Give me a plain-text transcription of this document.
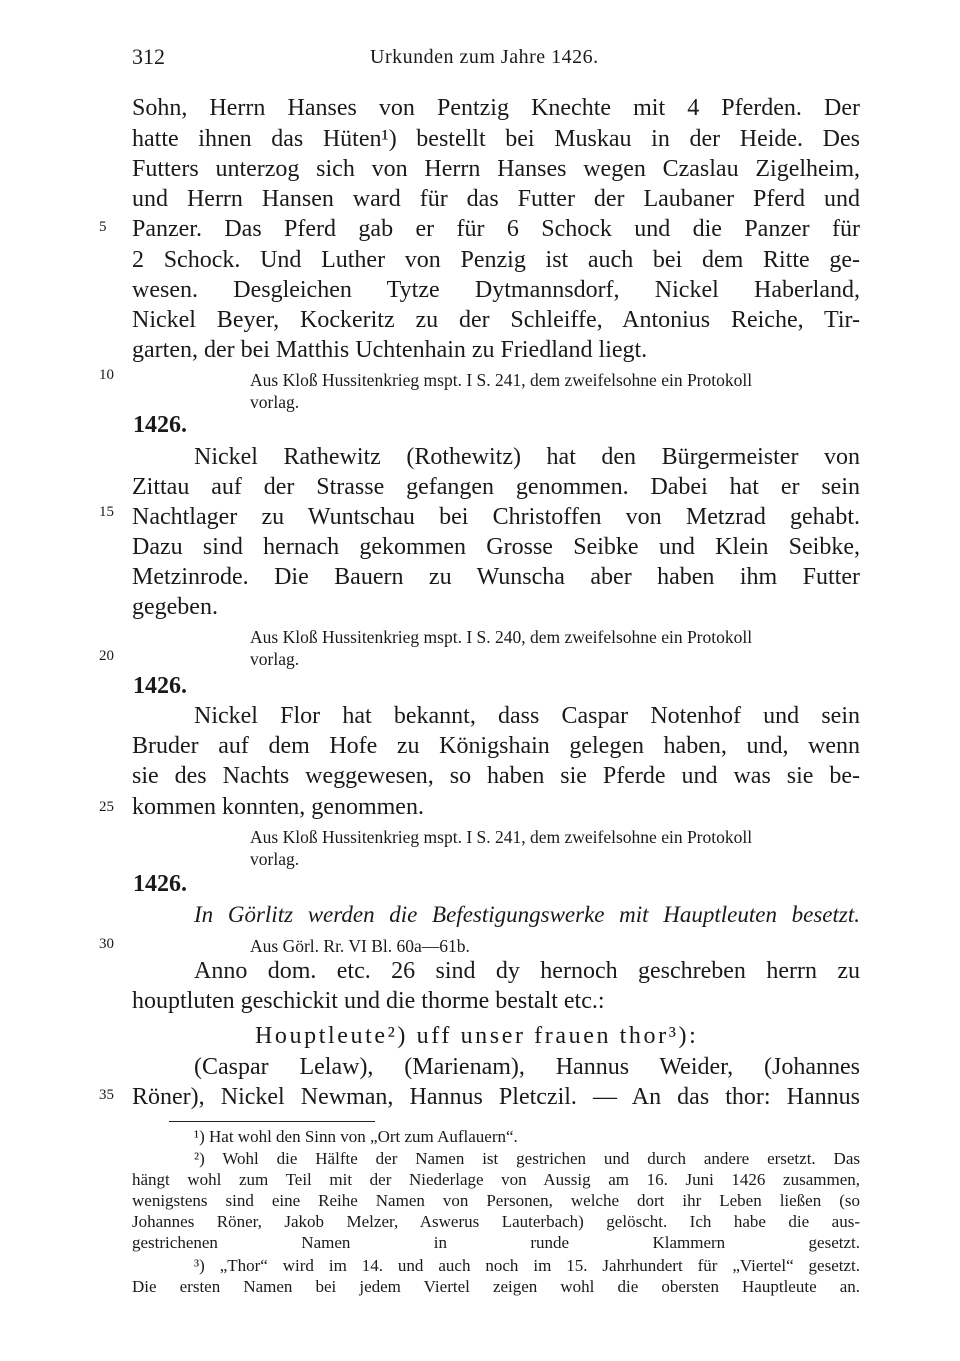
312	Urkunden zum Jahre 1426.
5
10
15
20
25
30
35
Sohn, Herrn Hanses von Pentzig Knechte mit 4 Pferden. Der
hatte ihnen das Hüten¹) bestellt bei Muskau in der Heide. Des
Futters unterzog sich von Herrn Hanses wegen Czaslau Zigelheim,
und Herrn Hansen ward für das Futter der Laubaner Pferd und
Panzer. Das Pferd gab er für 6 Schock und die Panzer für
2 Schock. Und Luther von Penzig ist auch bei dem Ritte ge-
wesen. Desgleichen Tytze Dytmannsdorf, Nickel Haberland,
Nickel Beyer, Kockeritz zu der Schleiffe, Antonius Reiche, Tir-
garten, der bei Matthis Uchtenhain zu Friedland liegt.
Aus Kloß Hussitenkrieg mspt. I S. 241, dem zweifelsohne ein Protokoll
vorlag.
1426.
Nickel Rathewitz (Rothewitz) hat den Bürgermeister von
Zittau auf der Strasse gefangen genommen. Dabei hat er sein
Nachtlager zu Wuntschau bei Christoffen von Metzrad gehabt.
Dazu sind hernach gekommen Grosse Seibke und Klein Seibke,
Metzinrode. Die Bauern zu Wunscha aber haben ihm Futter
gegeben.
Aus Kloß Hussitenkrieg mspt. I S. 240, dem zweifelsohne ein Protokoll
vorlag.
1426.
Nickel Flor hat bekannt, dass Caspar Notenhof und sein
Bruder auf dem Hofe zu Königshain gelegen haben, und, wenn
sie des Nachts weggewesen, so haben sie Pferde und was sie be-
kommen konnten, genommen.
Aus Kloß Hussitenkrieg mspt. I S. 241, dem zweifelsohne ein Protokoll
vorlag.
1426.
In Görlitz werden die Befestigungswerke mit Hauptleuten besetzt.
Aus Görl. Rr. VI Bl. 60a—61b.
Anno dom. etc. 26 sind dy hernoch geschreben herrn zu
houptluten geschickit und die thorme bestalt etc.:
Houptleute²) uff unser frauen thor³):
(Caspar Lelaw), (Marienam), Hannus Weider, (Johannes
Röner), Nickel Newman, Hannus Pletczil. — An das thor: Hannus
¹) Hat wohl den Sinn von „Ort zum Auflauern“.
²) Wohl die Hälfte der Namen ist gestrichen und durch andere ersetzt. Das
hängt wohl zum Teil mit der Niederlage von Aussig am 16. Juni 1426 zusammen,
wenigstens sind eine Reihe Namen von Personen, welche dort ihr Leben ließen (so
Johannes Röner, Jakob Melzer, Aswerus Lauterbach) gelöscht. Ich habe die aus-
gestrichenen Namen in runde Klammern gesetzt.
³) „Thor“ wird im 14. und auch noch im 15. Jahrhundert für „Viertel“ gesetzt.
Die ersten Namen bei jedem Viertel zeigen wohl die obersten Hauptleute an.
